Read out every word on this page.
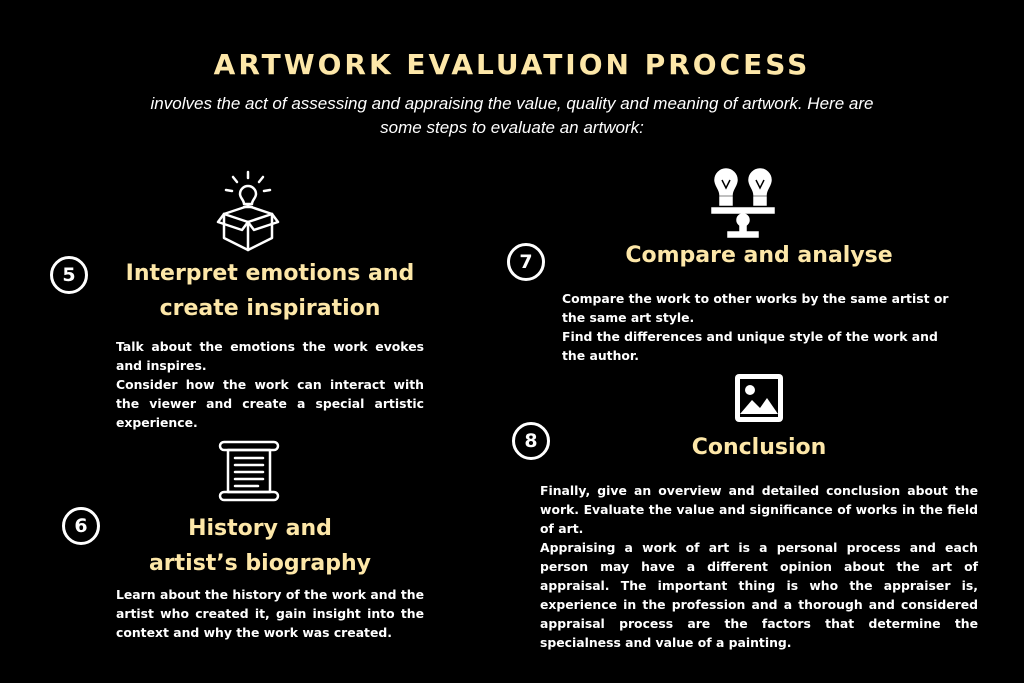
ARTWORK EVALUATION PROCESS
involves the act of assessing and appraising the value, quality and meaning of artwork. Here are some steps to evaluate an artwork:
5	Interpret emotions and
create inspiration

Talk about the emotions the work evokes and inspires.

Consider how the work can interact with the viewer and create a special artistic experience.

6	History and
artist’s biography

Learn about the history of the work and the artist who created it, gain insight into the context and why the work was created.

7	Compare and analyse

Compare the work to other works by the same artist or the same art style.

Find the differences and unique style of the work and the author.

8	Conclusion

Finally, give an overview and detailed conclusion about the work. Evaluate the value and significance of works in the field of art.

Appraising a work of art is a personal process and each person may have a different opinion about the art of appraisal. The important thing is who the appraiser is, experience in the profession and a thorough and considered appraisal process are the factors that determine the specialness and value of a painting.
